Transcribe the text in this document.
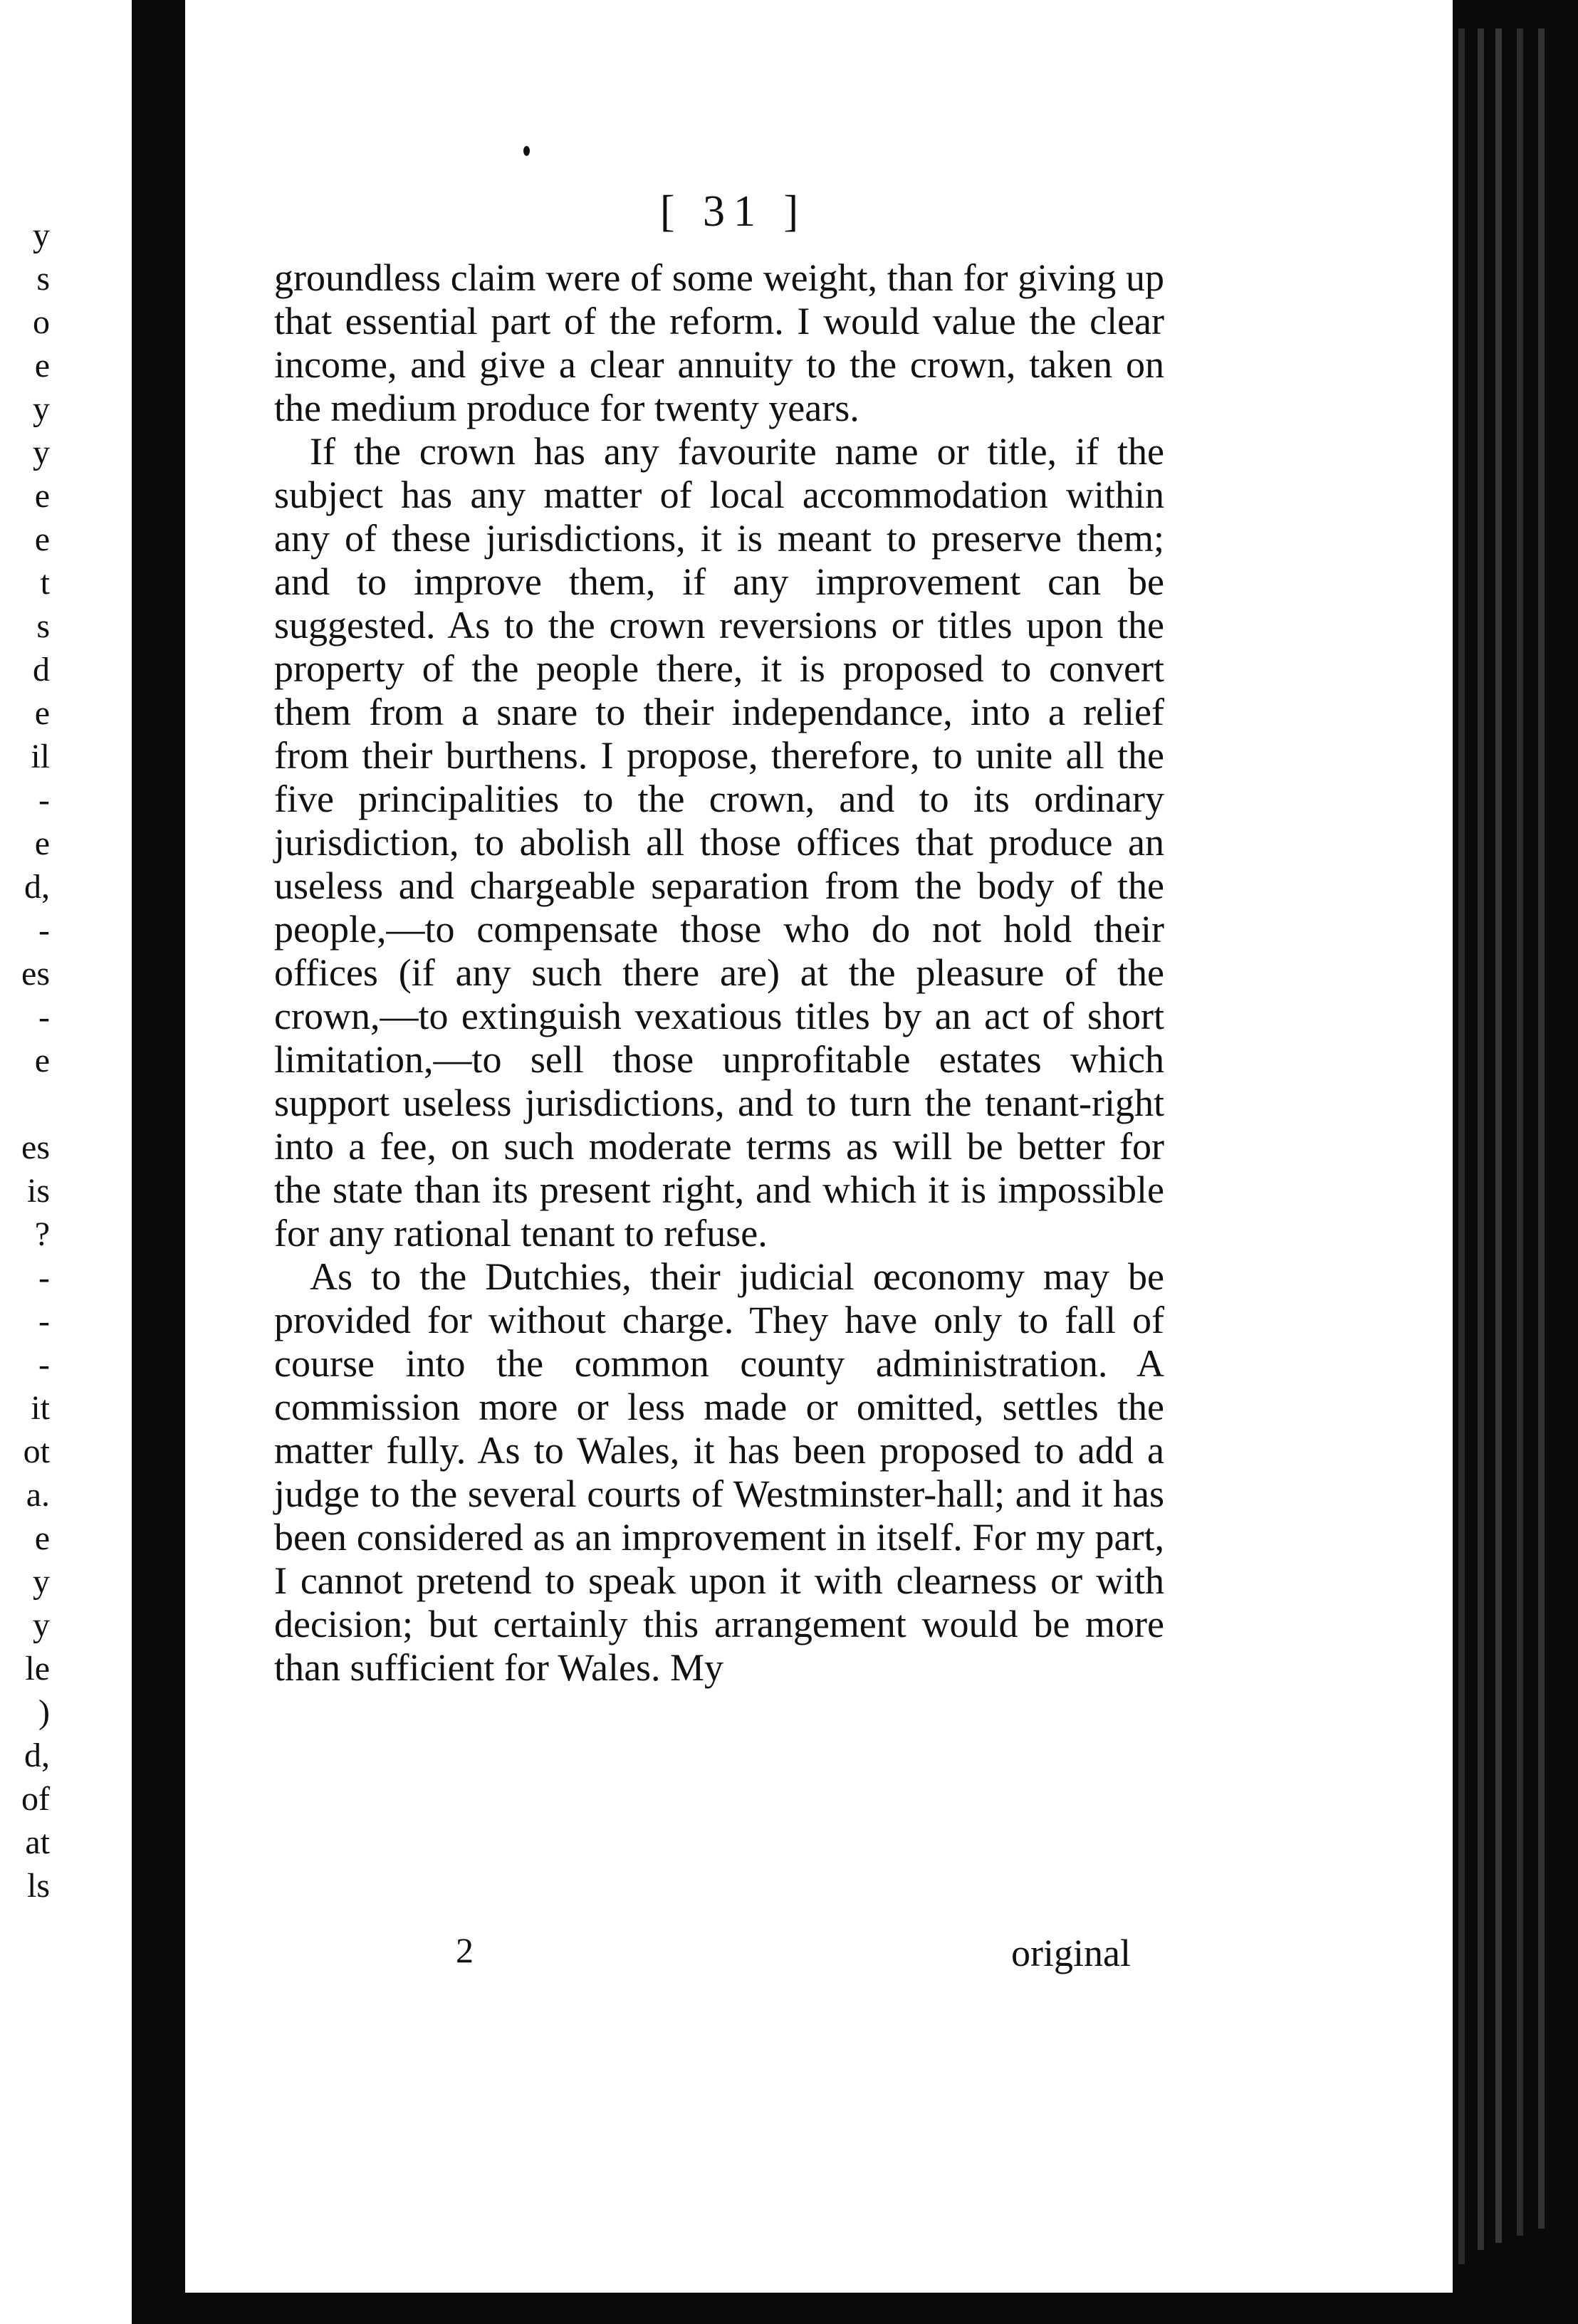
y
s
o
e
y
y
e
e
t
s
d
e
il
-
e
d,
-
es
-
e
es
is
?
-
-
-
it
ot
a.
e
y
y
le
)
d,
of
at
ls
[ 31 ]

groundless claim were of some weight, than for giving up that essential part of the reform. I would value the clear income, and give a clear annuity to the crown, taken on the medium produce for twenty years.

If the crown has any favourite name or title, if the subject has any matter of local accommodation within any of these jurisdictions, it is meant to preserve them; and to improve them, if any improvement can be suggested. As to the crown reversions or titles upon the property of the people there, it is proposed to convert them from a snare to their independance, into a relief from their burthens. I propose, therefore, to unite all the five principalities to the crown, and to its ordinary jurisdiction, to abolish all those offices that produce an useless and chargeable separation from the body of the people,—to compensate those who do not hold their offices (if any such there are) at the pleasure of the crown,—to extinguish vexatious titles by an act of short limitation,—to sell those unprofitable estates which support useless jurisdictions, and to turn the tenant-right into a fee, on such moderate terms as will be better for the state than its present right, and which it is impossible for any rational tenant to refuse.

As to the Dutchies, their judicial œconomy may be provided for without charge. They have only to fall of course into the common county administration. A commission more or less made or omitted, settles the matter fully. As to Wales, it has been proposed to add a judge to the several courts of Westminster-hall; and it has been considered as an improvement in itself. For my part, I cannot pretend to speak upon it with clearness or with decision; but certainly this arrangement would be more than sufficient for Wales. My

2	original
